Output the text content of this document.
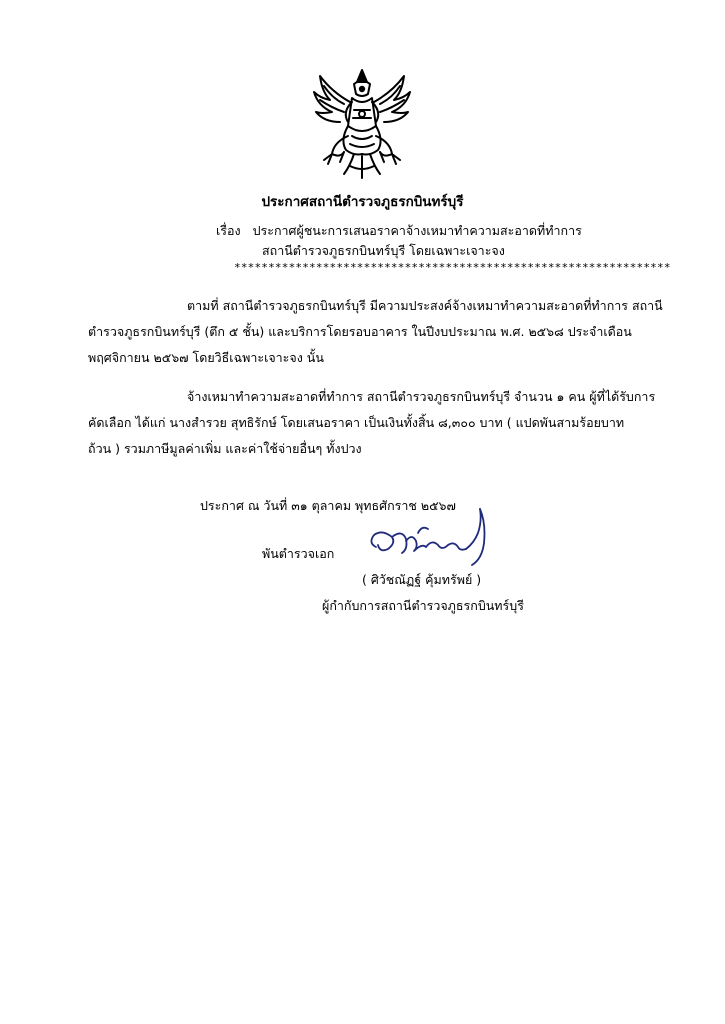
ประกาศสถานีตำรวจภูธรกบินทร์บุรี
เรื่อง ประกาศผู้ชนะการเสนอราคาจ้างเหมาทำความสะอาดที่ทำการ
สถานีตำรวจภูธรกบินทร์บุรี โดยเฉพาะเจาะจง
****************************************************************
ตามที่ สถานีตำรวจภูธรกบินทร์บุรี มีความประสงค์จ้างเหมาทำความสะอาดที่ทำการ สถานี
ตำรวจภูธรกบินทร์บุรี (ตึก ๕ ชั้น) และบริการโดยรอบอาคาร ในปีงบประมาณ พ.ศ. ๒๕๖๘ ประจำเดือน
พฤศจิกายน ๒๕๖๗ โดยวิธีเฉพาะเจาะจง นั้น
จ้างเหมาทำความสะอาดที่ทำการ สถานีตำรวจภูธรกบินทร์บุรี จำนวน ๑ คน ผู้ที่ได้รับการ
คัดเลือก ได้แก่ นางสำรวย สุทธิรักษ์ โดยเสนอราคา เป็นเงินทั้งสิ้น ๘,๓๐๐ บาท ( แปดพันสามร้อยบาท
ถ้วน ) รวมภาษีมูลค่าเพิ่ม และค่าใช้จ่ายอื่นๆ ทั้งปวง
ประกาศ ณ วันที่ ๓๑ ตุลาคม พุทธศักราช ๒๕๖๗
พันตำรวจเอก
( ศิวัชณัฏฐ์ คุ้มทรัพย์ )
ผู้กำกับการสถานีตำรวจภูธรกบินทร์บุรี
